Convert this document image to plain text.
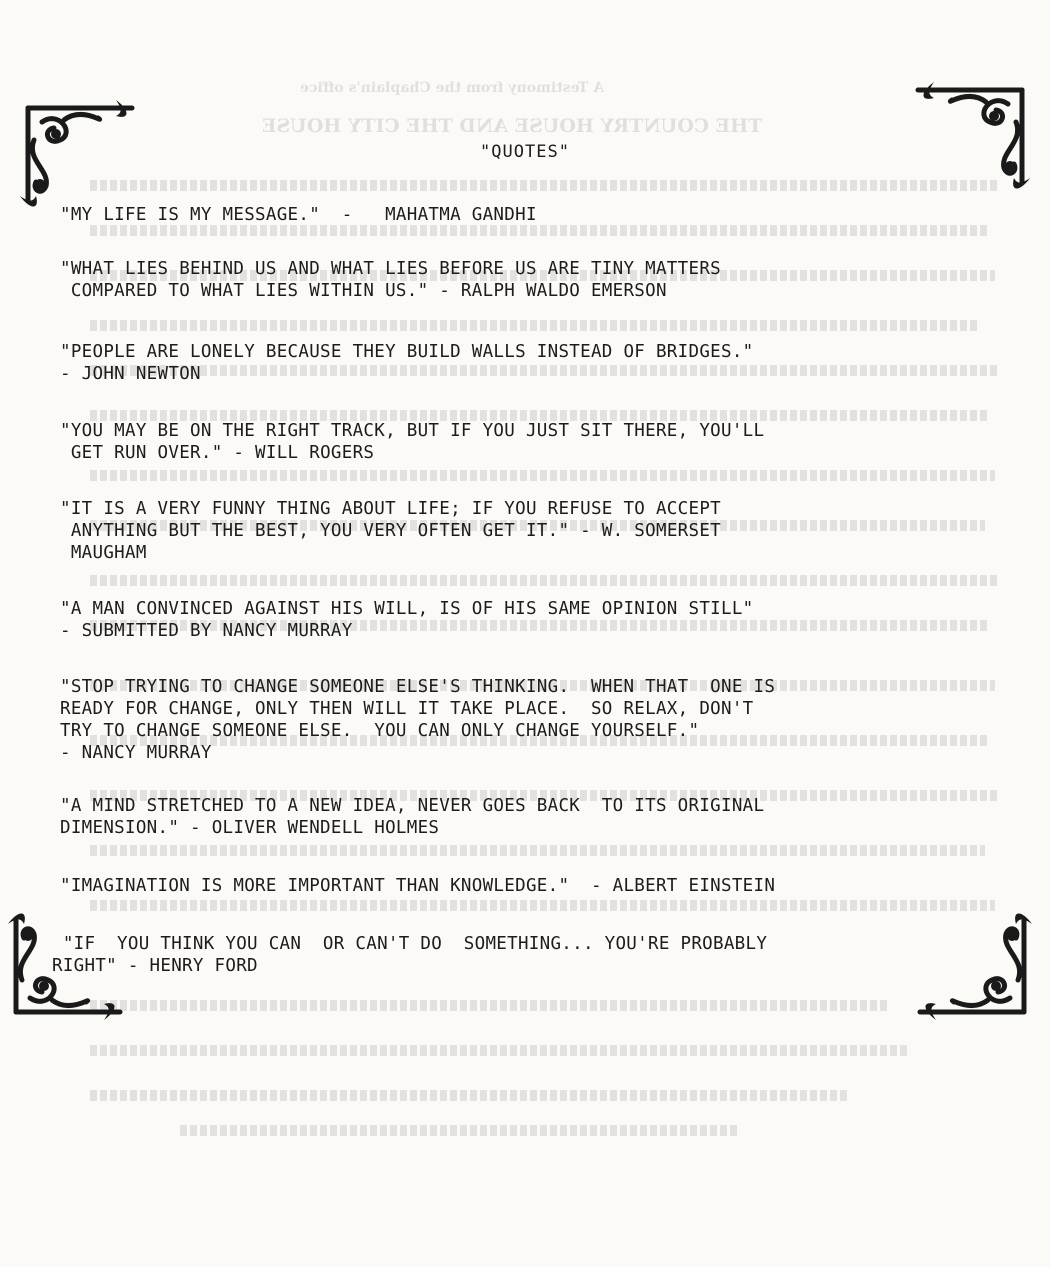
A Testimony from the Chaplain's office
THE COUNTRY HOUSE AND THE CITY HOUSE
"QUOTES"
"MY LIFE IS MY MESSAGE."  -   MAHATMA GANDHI
"WHAT LIES BEHIND US AND WHAT LIES BEFORE US ARE TINY MATTERS
COMPARED TO WHAT LIES WITHIN US." - RALPH WALDO EMERSON
"PEOPLE ARE LONELY BECAUSE THEY BUILD WALLS INSTEAD OF BRIDGES."
- JOHN NEWTON
"YOU MAY BE ON THE RIGHT TRACK, BUT IF YOU JUST SIT THERE, YOU'LL
GET RUN OVER." - WILL ROGERS
"IT IS A VERY FUNNY THING ABOUT LIFE; IF YOU REFUSE TO ACCEPT
ANYTHING BUT THE BEST, YOU VERY OFTEN GET IT." - W. SOMERSET
MAUGHAM
"A MAN CONVINCED AGAINST HIS WILL, IS OF HIS SAME OPINION STILL"
- SUBMITTED BY NANCY MURRAY
"STOP TRYING TO CHANGE SOMEONE ELSE'S THINKING.  WHEN THAT  ONE IS
READY FOR CHANGE, ONLY THEN WILL IT TAKE PLACE.  SO RELAX, DON'T
TRY TO CHANGE SOMEONE ELSE.  YOU CAN ONLY CHANGE YOURSELF."
- NANCY MURRAY
"A MIND STRETCHED TO A NEW IDEA, NEVER GOES BACK  TO ITS ORIGINAL
DIMENSION." - OLIVER WENDELL HOLMES
"IMAGINATION IS MORE IMPORTANT THAN KNOWLEDGE."  - ALBERT EINSTEIN
"IF  YOU THINK YOU CAN  OR CAN'T DO  SOMETHING... YOU'RE PROBABLY
RIGHT" - HENRY FORD
